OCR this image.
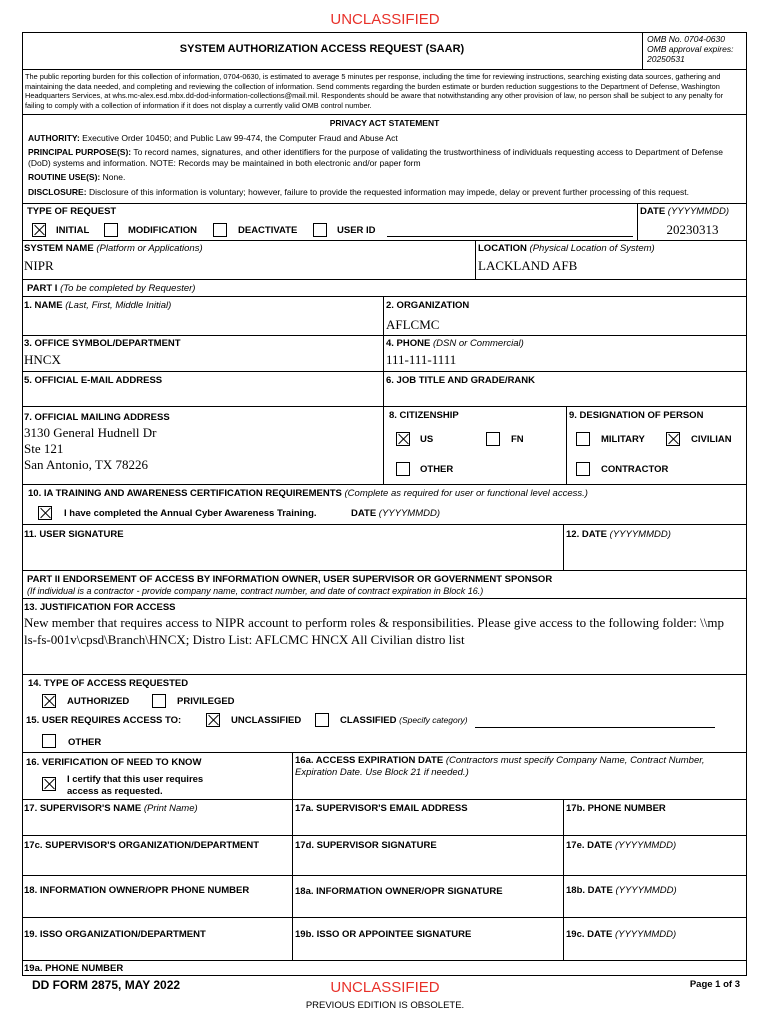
UNCLASSIFIED
SYSTEM AUTHORIZATION ACCESS REQUEST (SAAR)
OMB No. 0704-0630
OMB approval expires:
20250531
The public reporting burden for this collection of information, 0704-0630, is estimated to average 5 minutes per response, including the time for reviewing instructions, searching existing data sources, gathering and maintaining the data needed, and completing and reviewing the collection of information. Send comments regarding the burden estimate or burden reduction suggestions to the Department of Defense, Washington Headquarters Services, at whs.mc-alex.esd.mbx.dd-dod-information-collections@mail.mil. Respondents should be aware that notwithstanding any other provision of law, no person shall be subject to any penalty for failing to comply with a collection of information if it does not display a currently valid OMB control number.
PRIVACY ACT STATEMENT
AUTHORITY: Executive Order 10450; and Public Law 99-474, the Computer Fraud and Abuse Act
PRINCIPAL PURPOSE(S): To record names, signatures, and other identifiers for the purpose of validating the trustworthiness of individuals requesting access to Department of Defense (DoD) systems and information. NOTE: Records may be maintained in both electronic and/or paper form
ROUTINE USE(S): None.
DISCLOSURE: Disclosure of this information is voluntary; however, failure to provide the requested information may impede, delay or prevent further processing of this request.
TYPE OF REQUEST	DATE (YYYYMMDD)
20230313
INITIAL	MODIFICATION	DEACTIVATE	USER ID
SYSTEM NAME (Platform or Applications)
NIPR
LOCATION (Physical Location of System)
LACKLAND AFB
PART I (To be completed by Requester)
1. NAME (Last, First, Middle Initial)	2. ORGANIZATION
AFLCMC
3. OFFICE SYMBOL/DEPARTMENT
HNCX
4. PHONE (DSN or Commercial)
111-111-1111
5. OFFICIAL E-MAIL ADDRESS	6. JOB TITLE AND GRADE/RANK
7. OFFICIAL MAILING ADDRESS
3130 General Hudnell Dr
Ste 121
San Antonio, TX 78226
8. CITIZENSHIP	9. DESIGNATION OF PERSON
US	FN
OTHER
MILITARY	CIVILIAN
CONTRACTOR
10. IA TRAINING AND AWARENESS CERTIFICATION REQUIREMENTS (Complete as required for user or functional level access.)
I have completed the Annual Cyber Awareness Training.	DATE (YYYYMMDD)
11. USER SIGNATURE	12. DATE (YYYYMMDD)
PART II ENDORSEMENT OF ACCESS BY INFORMATION OWNER, USER SUPERVISOR OR GOVERNMENT SPONSOR
(If individual is a contractor - provide company name, contract number, and date of contract expiration in Block 16.)
13. JUSTIFICATION FOR ACCESS
New member that requires access to NIPR account to perform roles & responsibilities. Please give access to the following folder: \\mpls-fs-001v\cpsd\Branch\HNCX; Distro List: AFLCMC HNCX All Civilian distro list
14. TYPE OF ACCESS REQUESTED
AUTHORIZED	PRIVILEGED
15. USER REQUIRES ACCESS TO:	UNCLASSIFIED	CLASSIFIED (Specify category)
OTHER
16. VERIFICATION OF NEED TO KNOW
I certify that this user requires
access as requested.
16a. ACCESS EXPIRATION DATE (Contractors must specify Company Name, Contract Number, Expiration Date. Use Block 21 if needed.)
17. SUPERVISOR'S NAME (Print Name)	17a. SUPERVISOR'S EMAIL ADDRESS	17b. PHONE NUMBER
17c. SUPERVISOR'S ORGANIZATION/DEPARTMENT	17d. SUPERVISOR SIGNATURE	17e. DATE (YYYYMMDD)
18. INFORMATION OWNER/OPR PHONE NUMBER	18a. INFORMATION OWNER/OPR SIGNATURE	18b. DATE (YYYYMMDD)
19. ISSO ORGANIZATION/DEPARTMENT	19b. ISSO OR APPOINTEE SIGNATURE	19c. DATE (YYYYMMDD)
19a. PHONE NUMBER
DD FORM 2875, MAY 2022	UNCLASSIFIED	Page 1 of 3
PREVIOUS EDITION IS OBSOLETE.
